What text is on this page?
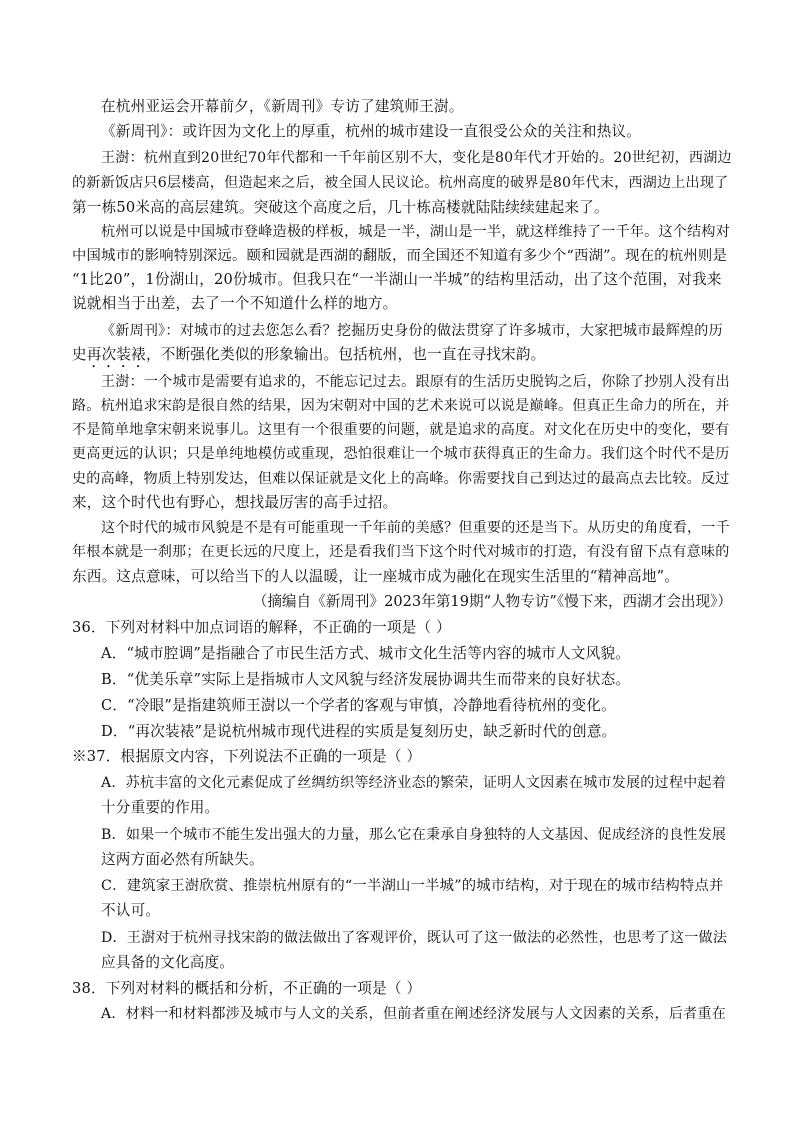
在杭州亚运会开幕前夕，《新周刊》专访了建筑师王澍。
《新周刊》：或许因为文化上的厚重，杭州的城市建设一直很受公众的关注和热议。
王澍：杭州直到20世纪70年代都和一千年前区别不大，变化是80年代才开始的。20世纪初，西湖边
的新新饭店只6层楼高，但造起来之后，被全国人民议论。杭州高度的破界是80年代末，西湖边上出现了
第一栋50米高的高层建筑。突破这个高度之后，几十栋高楼就陆陆续续建起来了。
杭州可以说是中国城市登峰造极的样板，城是一半，湖山是一半，就这样维持了一千年。这个结构对
中国城市的影响特别深远。颐和园就是西湖的翻版，而全国还不知道有多少个“西湖”。现在的杭州则是
“1比20”，1份湖山，20份城市。但我只在“一半湖山一半城”的结构里活动，出了这个范围，对我来
说就相当于出差，去了一个不知道什么样的地方。
《新周刊》：对城市的过去您怎么看？挖掘历史身份的做法贯穿了许多城市，大家把城市最辉煌的历
史再次装裱，不断强化类似的形象输出。包括杭州，也一直在寻找宋韵。
王澍：一个城市是需要有追求的，不能忘记过去。跟原有的生活历史脱钩之后，你除了抄别人没有出
路。杭州追求宋韵是很自然的结果，因为宋朝对中国的艺术来说可以说是巅峰。但真正生命力的所在，并
不是简单地拿宋朝来说事儿。这里有一个很重要的问题，就是追求的高度。对文化在历史中的变化，要有
更高更远的认识；只是单纯地模仿或重现，恐怕很难让一个城市获得真正的生命力。我们这个时代不是历
史的高峰，物质上特别发达，但难以保证就是文化上的高峰。你需要找自己到达过的最高点去比较。反过
来，这个时代也有野心，想找最厉害的高手过招。
这个时代的城市风貌是不是有可能重现一千年前的美感？但重要的还是当下。从历史的角度看，一千
年根本就是一刹那；在更长远的尺度上，还是看我们当下这个时代对城市的打造，有没有留下点有意味的
东西。这点意味，可以给当下的人以温暖，让一座城市成为融化在现实生活里的“精神高地”。
（摘编自《新周刊》2023年第19期“人物专访”《慢下来，西湖才会出现》）
36．下列对材料中加点词语的解释，不正确的一项是（ ）
A．“城市腔调”是指融合了市民生活方式、城市文化生活等内容的城市人文风貌。
B．“优美乐章”实际上是指城市人文风貌与经济发展协调共生而带来的良好状态。
C．“冷眼”是指建筑师王澍以一个学者的客观与审慎，冷静地看待杭州的变化。
D．“再次装裱”是说杭州城市现代进程的实质是复刻历史，缺乏新时代的创意。
※37．根据原文内容，下列说法不正确的一项是（ ）
A．苏杭丰富的文化元素促成了丝绸纺织等经济业态的繁荣，证明人文因素在城市发展的过程中起着
十分重要的作用。
B．如果一个城市不能生发出强大的力量，那么它在秉承自身独特的人文基因、促成经济的良性发展
这两方面必然有所缺失。
C．建筑家王澍欣赏、推崇杭州原有的“一半湖山一半城”的城市结构，对于现在的城市结构特点并
不认可。
D．王澍对于杭州寻找宋韵的做法做出了客观评价，既认可了这一做法的必然性，也思考了这一做法
应具备的文化高度。
38．下列对材料的概括和分析，不正确的一项是（ ）
A．材料一和材料都涉及城市与人文的关系，但前者重在阐述经济发展与人文因素的关系，后者重在
